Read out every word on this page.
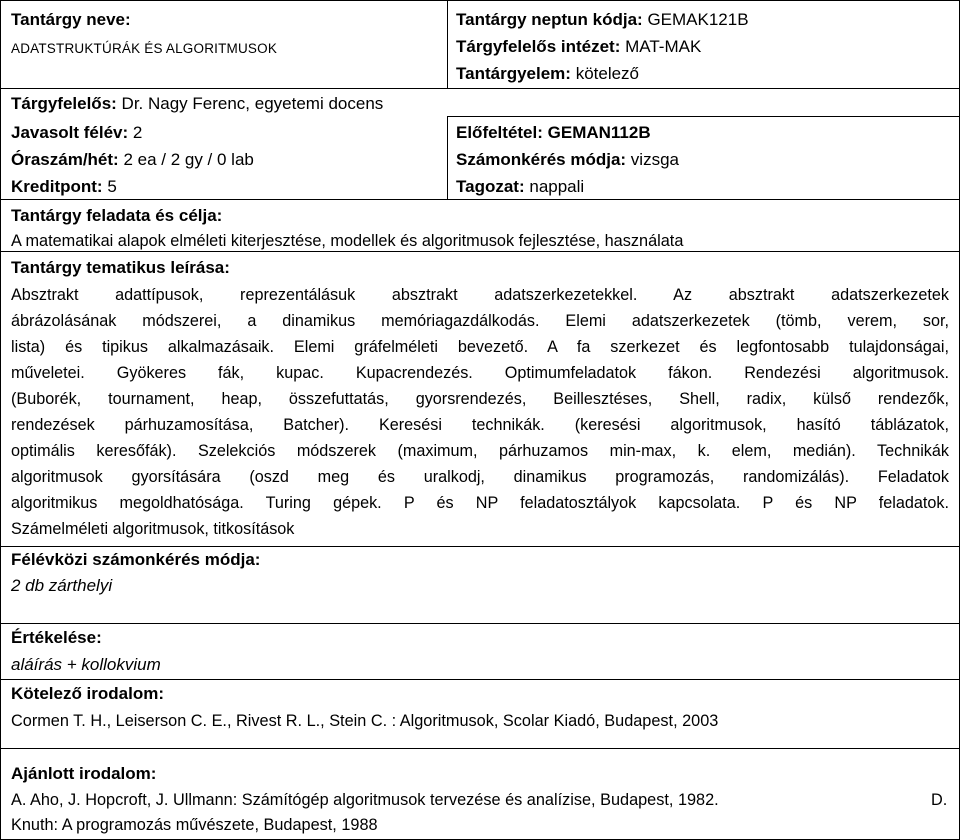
Tantárgy neve:
ADATSTRUKTÚRÁK ÉS ALGORITMUSOK
Tárgyfelelős: Dr. Nagy Ferenc, egyetemi docens
Javasolt félév: 2
Óraszám/hét: 2 ea / 2 gy / 0 lab
Kreditpont: 5
Tantárgy neptun kódja: GEMAK121B
Tárgyfelelős intézet: MAT-MAK
Tantárgyelem: kötelező
Előfeltétel: GEMAN112B
Számonkérés módja: vizsga
Tagozat: nappali
Tantárgy feladata és célja:
A matematikai alapok elméleti kiterjesztése, modellek és algoritmusok fejlesztése, használata
Tantárgy tematikus leírása:
Absztrakt adattípusok, reprezentálásuk absztrakt adatszerkezetekkel. Az absztrakt adatszerkezetek
ábrázolásának módszerei, a dinamikus memóriagazdálkodás. Elemi adatszerkezetek (tömb, verem, sor,
lista) és tipikus alkalmazásaik. Elemi gráfelméleti bevezető. A fa szerkezet és legfontosabb tulajdonságai,
műveletei. Gyökeres fák, kupac. Kupacrendezés. Optimumfeladatok fákon. Rendezési algoritmusok.
(Buborék, tournament, heap, összefuttatás, gyorsrendezés, Beillesztéses, Shell, radix, külső rendezők,
rendezések párhuzamosítása, Batcher). Keresési technikák. (keresési algoritmusok, hasító táblázatok,
optimális keresőfák). Szelekciós módszerek (maximum, párhuzamos min-max, k. elem, medián). Technikák
algoritmusok gyorsítására (oszd meg és uralkodj, dinamikus programozás, randomizálás). Feladatok
algoritmikus megoldhatósága. Turing gépek. P és NP feladatosztályok kapcsolata. P és NP feladatok.
Számelméleti algoritmusok, titkosítások
Félévközi számonkérés módja:
2 db zárthelyi
Értékelése:
aláírás + kollokvium
Kötelező irodalom:
Cormen T. H., Leiserson C. E., Rivest R. L., Stein C. : Algoritmusok, Scolar Kiadó, Budapest, 2003
Ajánlott irodalom:
A. Aho, J. Hopcroft, J. Ullmann: Számítógép algoritmusok tervezése és analízise, Budapest, 1982.	D.
Knuth: A programozás művészete, Budapest, 1988
